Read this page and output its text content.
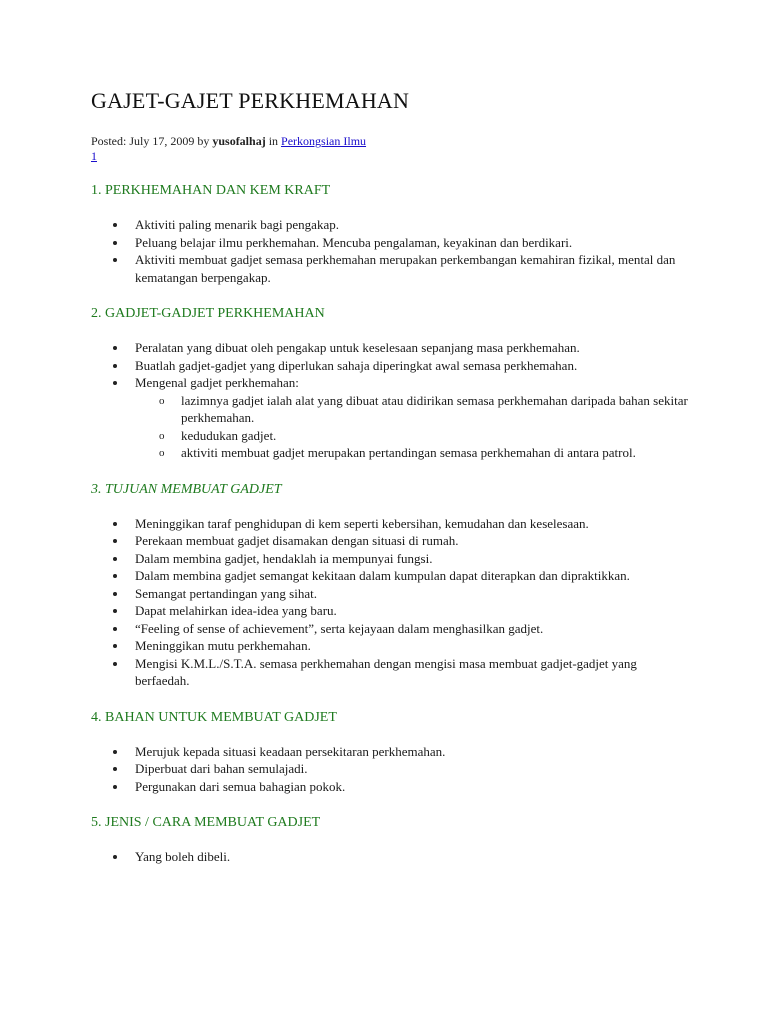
GAJET-GAJET PERKHEMAHAN
Posted: July 17, 2009 by yusofalhaj in Perkongsian Ilmu
1
1. PERKHEMAHAN DAN KEM KRAFT
Aktiviti paling menarik bagi pengakap.
Peluang belajar ilmu perkhemahan. Mencuba pengalaman, keyakinan dan berdikari.
Aktiviti membuat gadjet semasa perkhemahan merupakan perkembangan kemahiran fizikal, mental dan kematangan berpengakap.
2. GADJET-GADJET PERKHEMAHAN
Peralatan yang dibuat oleh pengakap untuk keselesaan sepanjang masa perkhemahan.
Buatlah gadjet-gadjet yang diperlukan sahaja diperingkat awal semasa perkhemahan.
Mengenal gadjet perkhemahan:
o lazimnya gadjet ialah alat yang dibuat atau didirikan semasa perkhemahan daripada bahan sekitar perkhemahan.
o kedudukan gadjet.
o aktiviti membuat gadjet merupakan pertandingan semasa perkhemahan di antara patrol.
3. TUJUAN MEMBUAT GADJET
Meninggikan taraf penghidupan di kem seperti kebersihan, kemudahan dan keselesaan.
Perekaan membuat gadjet disamakan dengan situasi di rumah.
Dalam membina gadjet, hendaklah ia mempunyai fungsi.
Dalam membina gadjet semangat kekitaan dalam kumpulan dapat diterapkan dan dipraktikkan.
Semangat pertandingan yang sihat.
Dapat melahirkan idea-idea yang baru.
“Feeling of sense of achievement”, serta kejayaan dalam menghasilkan gadjet.
Meninggikan mutu perkhemahan.
Mengisi K.M.L./S.T.A. semasa perkhemahan dengan mengisi masa membuat gadjet-gadjet yang berfaedah.
4. BAHAN UNTUK MEMBUAT GADJET
Merujuk kepada situasi keadaan persekitaran perkhemahan.
Diperbuat dari bahan semulajadi.
Pergunakan dari semua bahagian pokok.
5. JENIS / CARA MEMBUAT GADJET
Yang boleh dibeli.
